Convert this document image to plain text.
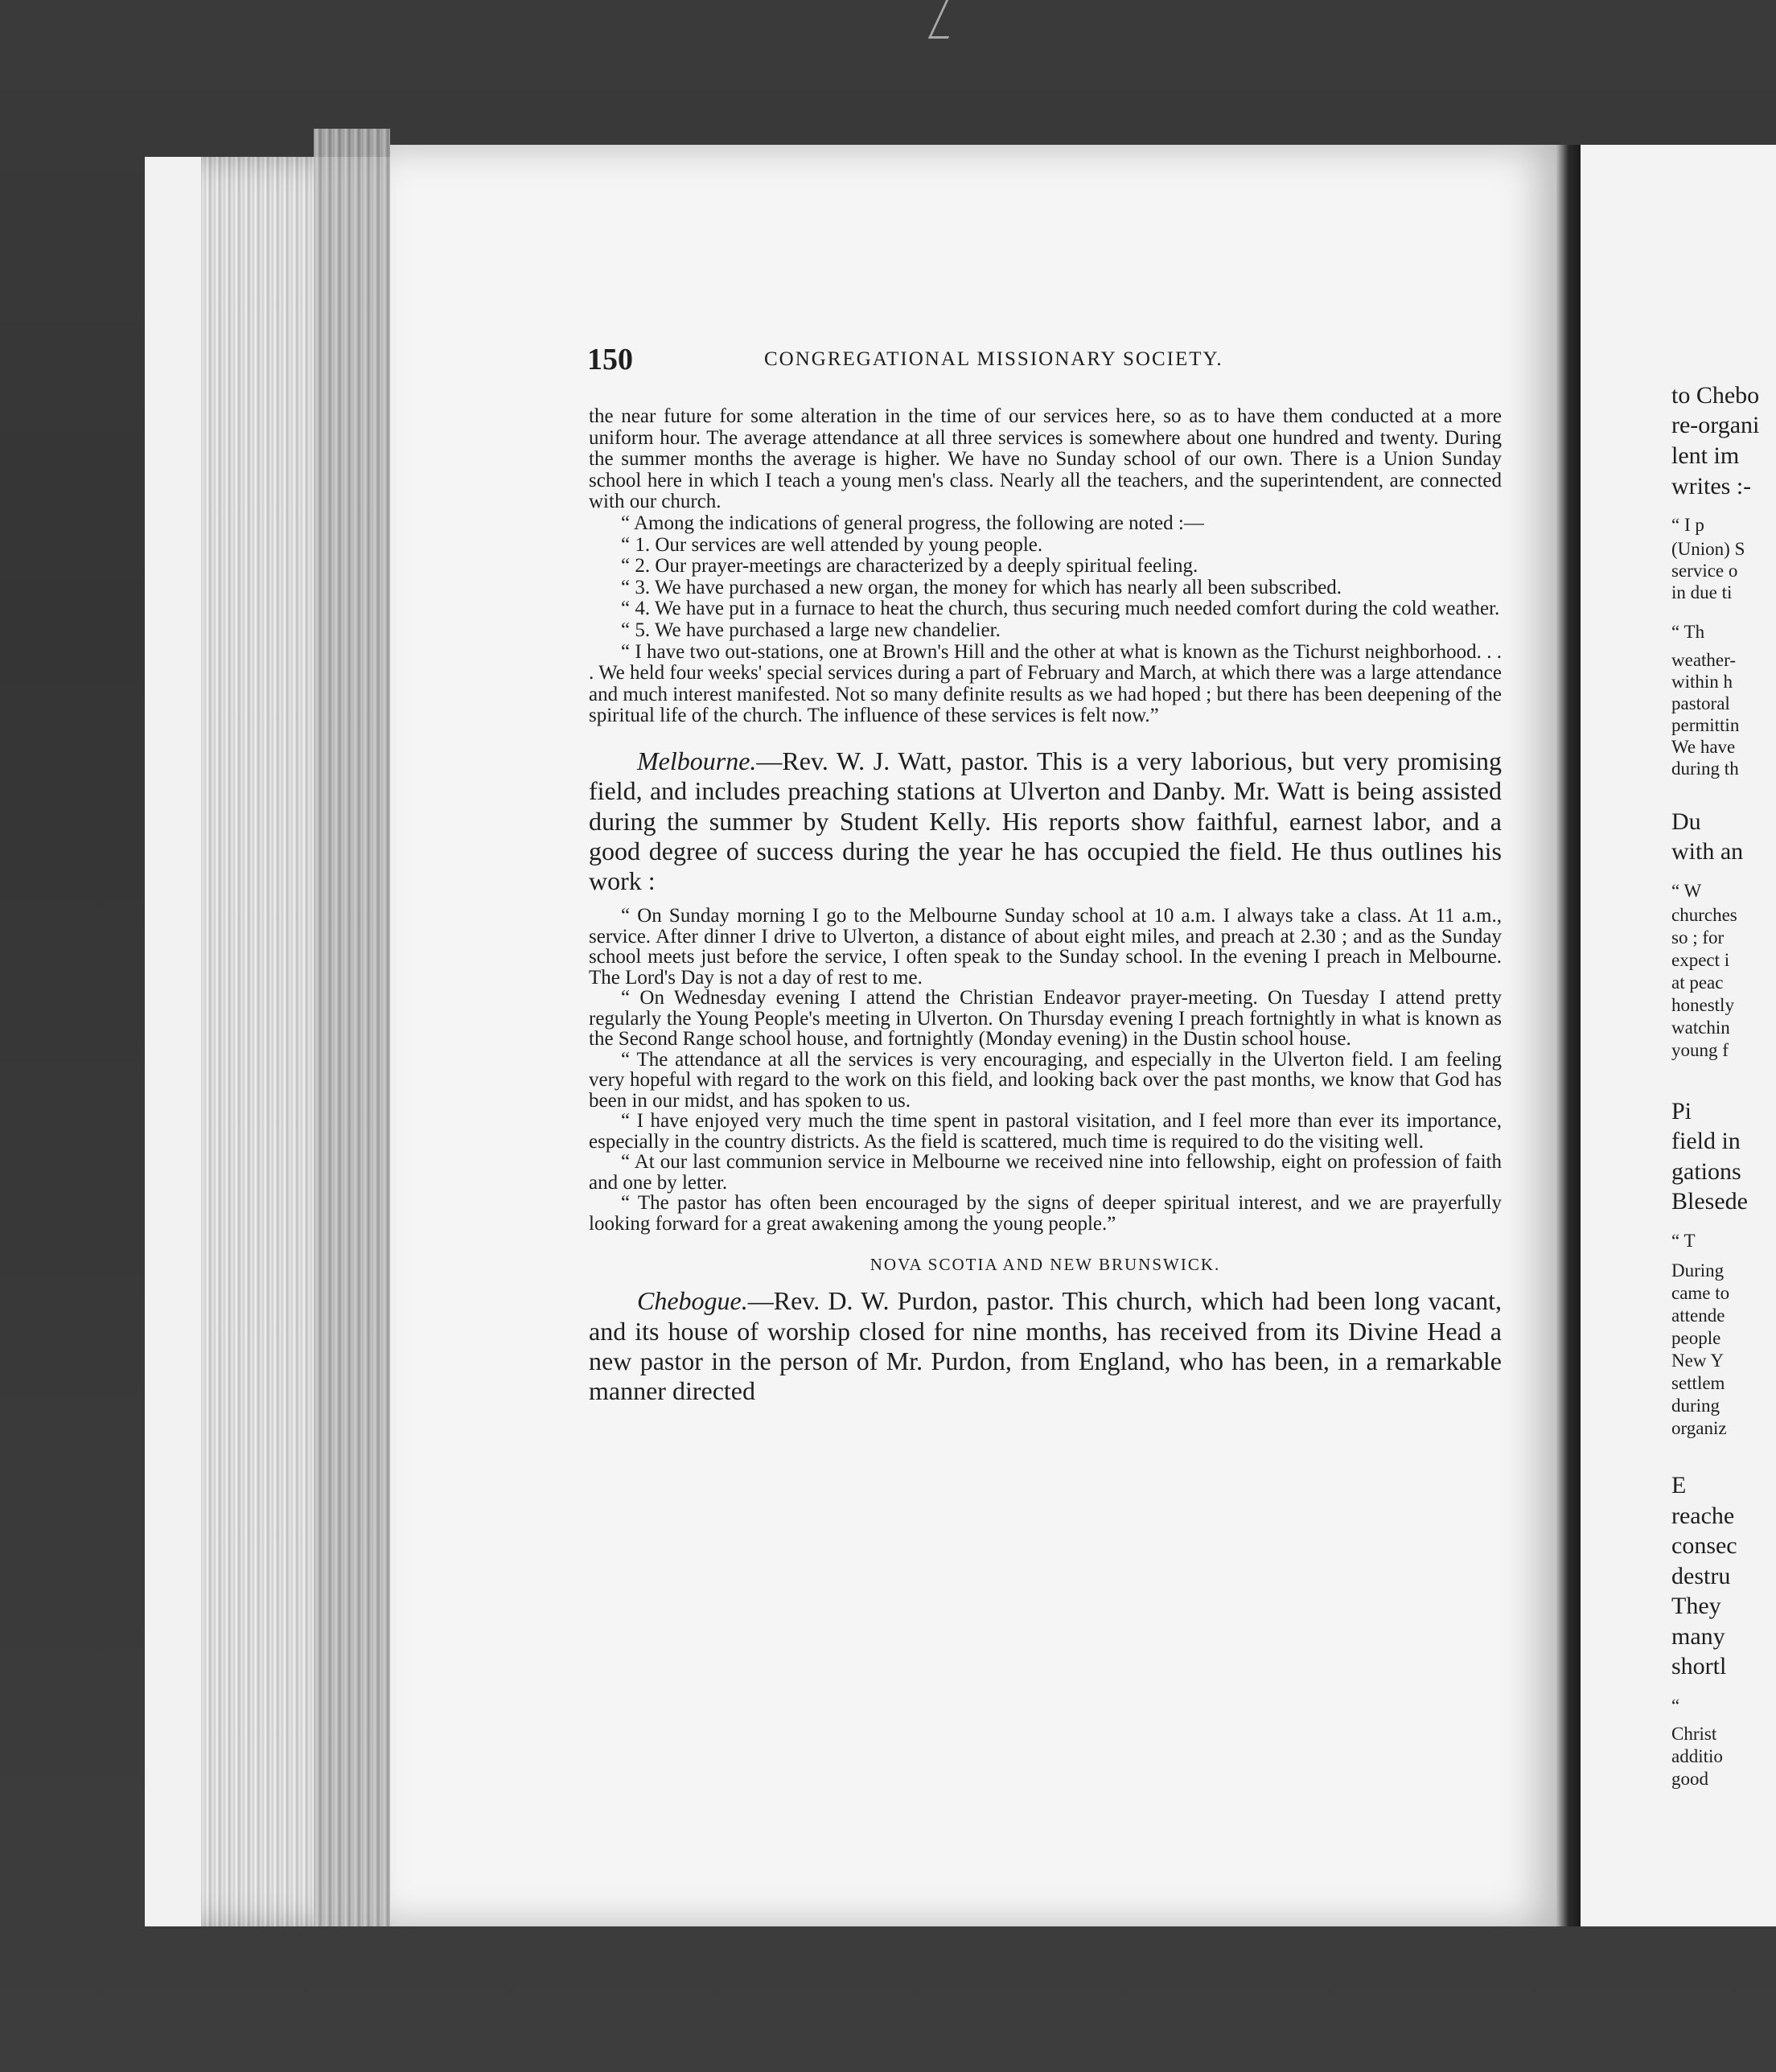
150	CONGREGATIONAL MISSIONARY SOCIETY.

the near future for some alteration in the time of our services here, so as to have them conducted at a more uniform hour. The average attendance at all three services is somewhere about one hundred and twenty. During the summer months the average is higher. We have no Sunday school of our own. There is a Union Sunday school here in which I teach a young men's class. Nearly all the teachers, and the superintendent, are connected with our church.

“ Among the indications of general progress, the following are noted :—

“ 1. Our services are well attended by young people.

“ 2. Our prayer-meetings are characterized by a deeply spiritual feeling.

“ 3. We have purchased a new organ, the money for which has nearly all been subscribed.

“ 4. We have put in a furnace to heat the church, thus securing much needed comfort during the cold weather.

“ 5. We have purchased a large new chandelier.

“ I have two out-stations, one at Brown's Hill and the other at what is known as the Tichurst neighborhood. . . . We held four weeks' special services during a part of February and March, at which there was a large attendance and much interest manifested. Not so many definite results as we had hoped ; but there has been deepening of the spiritual life of the church. The influence of these services is felt now.”

Melbourne.—Rev. W. J. Watt, pastor. This is a very laborious, but very promising field, and includes preaching stations at Ulverton and Danby. Mr. Watt is being assisted during the summer by Student Kelly. His reports show faithful, earnest labor, and a good degree of success during the year he has occupied the field. He thus outlines his work :

“ On Sunday morning I go to the Melbourne Sunday school at 10 a.m. I always take a class. At 11 a.m., service. After dinner I drive to Ulverton, a distance of about eight miles, and preach at 2.30 ; and as the Sunday school meets just before the service, I often speak to the Sunday school. In the evening I preach in Melbourne. The Lord's Day is not a day of rest to me.

“ On Wednesday evening I attend the Christian Endeavor prayer-meeting. On Tuesday I attend pretty regularly the Young People's meeting in Ulverton. On Thursday evening I preach fortnightly in what is known as the Second Range school house, and fortnightly (Monday evening) in the Dustin school house.

“ The attendance at all the services is very encouraging, and especially in the Ulverton field. I am feeling very hopeful with regard to the work on this field, and looking back over the past months, we know that God has been in our midst, and has spoken to us.

“ I have enjoyed very much the time spent in pastoral visitation, and I feel more than ever its importance, especially in the country districts. As the field is scattered, much time is required to do the visiting well.

“ At our last communion service in Melbourne we received nine into fellowship, eight on profession of faith and one by letter.

“ The pastor has often been encouraged by the signs of deeper spiritual interest, and we are prayerfully looking forward for a great awakening among the young people.”

NOVA SCOTIA AND NEW BRUNSWICK.

Chebogue.—Rev. D. W. Purdon, pastor. This church, which had been long vacant, and its house of worship closed for nine months, has received from its Divine Head a new pastor in the person of Mr. Purdon, from England, who has been, in a remarkable manner directed

to Chebo
re-organi
lent im
writes :-
“ I p
(Union) S
service o
in due ti
“ Th
weather-
within h
pastoral
permittin
We have
during th
Du
with an
“ W
churches
so ; for
expect i
at peac
honestly
watchin
young f
Pi
field in
gations
Blesede
“ T
During
came to
attende
people
New Y
settlem
during
organiz
E
reache
consec
destru
They
many
shortl
“
Christ
additio
good
